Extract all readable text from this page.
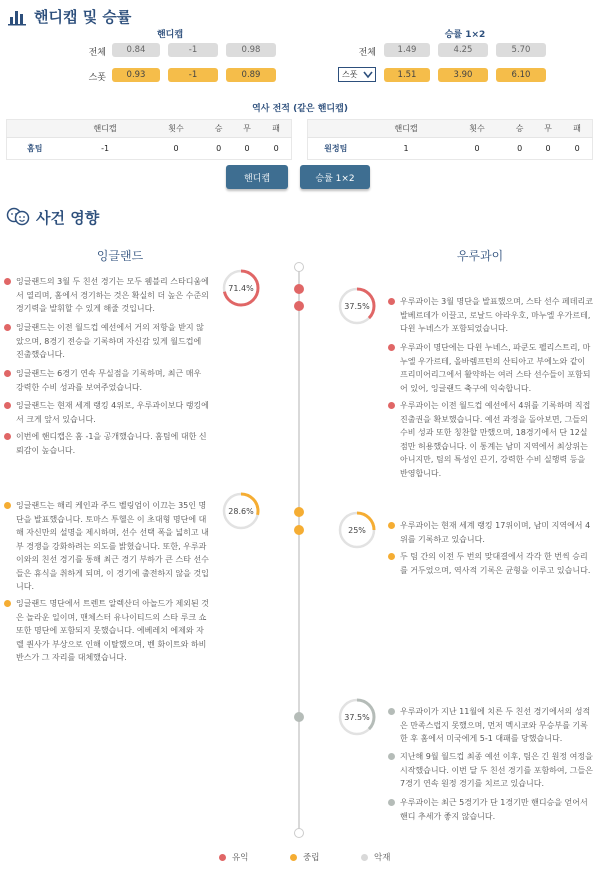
핸디캡 및 승률
핸디캡
전체	0.84	-1	0.98
스폿	0.93	-1	0.89
승률 1×2
전체	1.49	4.25	5.70
스폿	1.51	3.90	6.10
역사 전적 (같은 핸디캡)
	핸디캡	횟수	승	무	패
홈팀	-1	0	0	0	0
	핸디캡	횟수	승	무	패
원정팀	1	0	0	0	0
핸디캡	승률 1×2
사건 영향
잉글랜드	우루과이
71.4%
37.5%
28.6%
25%
37.5%
잉글랜드의 3월 두 친선 경기는 모두 웸블리 스타디움에서 열리며, 홈에서 경기하는 것은 확실히 더 높은 수준의 경기력을 발휘할 수 있게 해줄 것입니다.
잉글랜드는 이전 월드컵 예선에서 거의 저항을 받지 않았으며, 8경기 전승을 기록하며 자신감 있게 월드컵에 진출했습니다.
잉글랜드는 6경기 연속 무실점을 기록하며, 최근 매우 강력한 수비 성과를 보여주었습니다.
잉글랜드는 현재 세계 랭킹 4위로, 우루과이보다 랭킹에서 크게 앞서 있습니다.
이번에 핸디캡은 홈 -1을 공개했습니다. 홈팀에 대한 신뢰감이 높습니다.
잉글랜드는 해리 케인과 주드 벨링엄이 이끄는 35인 명단을 발표했습니다. 토마스 투헬은 이 초대형 명단에 대해 자신만의 설명을 제시하며, 선수 선택 폭을 넓히고 내부 경쟁을 강화하려는 의도를 밝혔습니다. 또한, 우루과이와의 친선 경기를 통해 최근 경기 부하가 큰 스타 선수들은 휴식을 취하게 되며, 이 경기에 출전하지 않을 것입니다.
잉글랜드 명단에서 트렌트 알렉산더 아놀드가 제외된 것은 놀라운 일이며, 맨체스터 유나이티드의 스타 루크 쇼 또한 명단에 포함되지 못했습니다. 에베레치 에제와 자렐 퀀사가 부상으로 인해 이탈했으며, 벤 화이트와 하비 반스가 그 자리를 대체했습니다.
우루과이는 3월 명단을 발표했으며, 스타 선수 페데리코 발베르데가 이끌고, 로날드 아라우호, 마누엘 우가르테, 다윈 누녜스가 포함되었습니다.
우루과이 명단에는 다윈 누녜스, 파쿤도 펠리스트리, 마누엘 우가르테, 올바렘프턴의 산티아고 부에노와 같이 프리미어리그에서 활약하는 여러 스타 선수들이 포함되어 있어, 잉글랜드 축구에 익숙합니다.
우루과이는 이전 월드컵 예선에서 4위를 기록하며 직접 진출권을 확보했습니다. 예선 과정을 돌아보면, 그들의 수비 성과 또한 칭찬할 만했으며, 18경기에서 단 12실점만 허용했습니다. 이 통계는 남미 지역에서 최상위는 아니지만, 팀의 특성인 끈기, 강력한 수비 실행력 등을 반영합니다.
우루과이는 현재 세계 랭킹 17위이며, 남미 지역에서 4위를 기록하고 있습니다.
두 팀 간의 이전 두 번의 맞대결에서 각각 한 번씩 승리를 거두었으며, 역사적 기록은 균형을 이루고 있습니다.
우루과이가 지난 11월에 치른 두 친선 경기에서의 성적은 만족스럽지 못했으며, 먼저 멕시코와 무승부를 기록한 후 홈에서 미국에게 5-1 대패를 당했습니다.
지난해 9월 월드컵 최종 예선 이후, 팀은 긴 원정 여정을 시작했습니다. 이번 달 두 친선 경기를 포함하여, 그들은 7경기 연속 원정 경기를 치르고 있습니다.
우루과이는 최근 5경기가 단 1경기만 핸디승을 얻어서 핸디 추세가 좋지 않습니다.
유익	중립	악재
